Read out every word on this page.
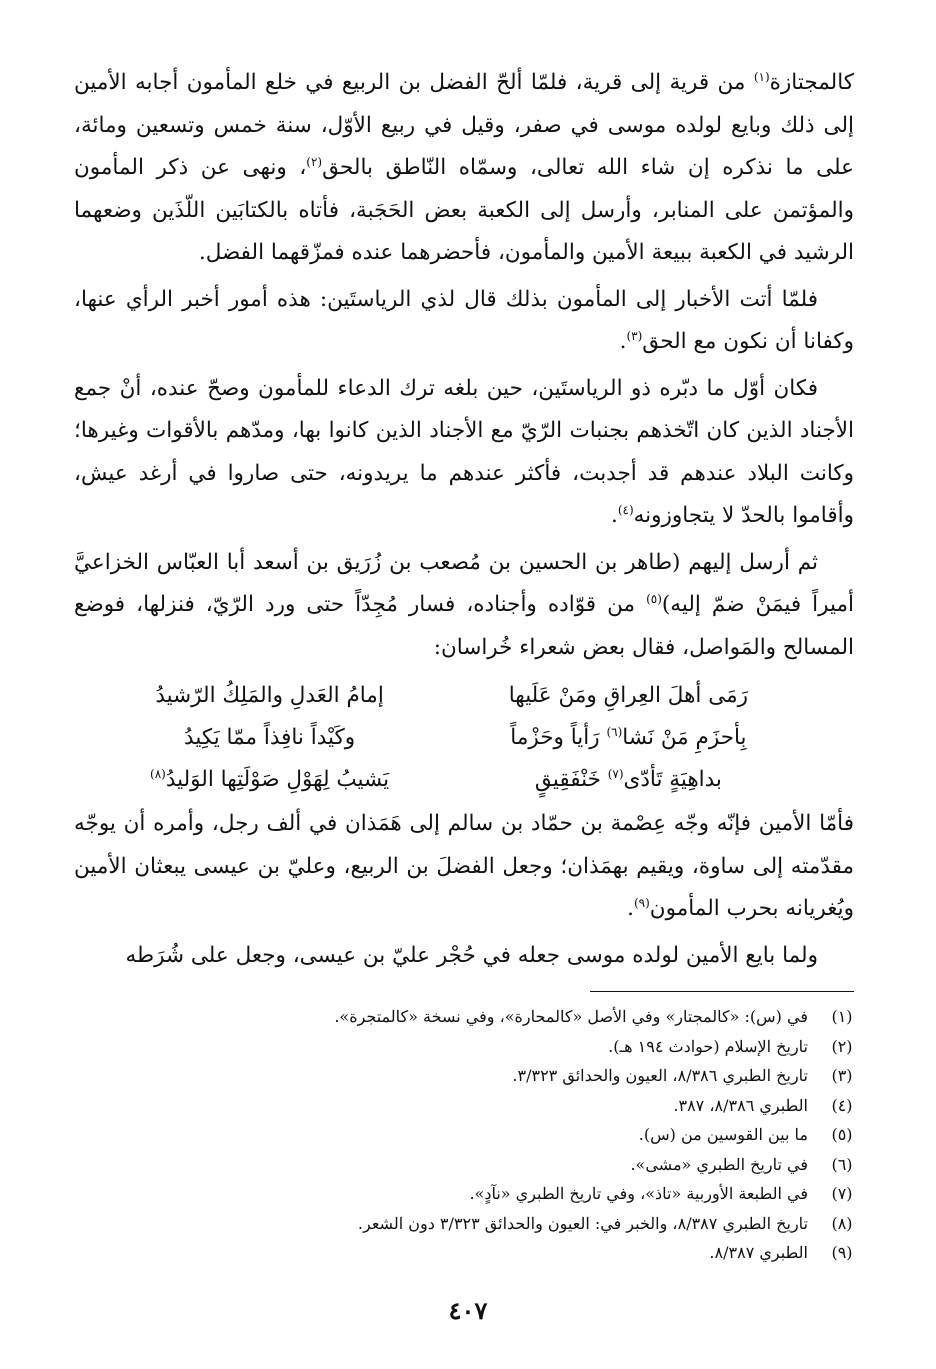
كالمجتازة$^{(١)}$ من قرية إلى قرية، فلمّا ألحّ الفضل بن الربيع في خلع المأمون أجابه الأمين إلى ذلك وبايع لولده موسى في صفر، وقيل في ربيع الأوّل، سنة خمس وتسعين ومائة، على ما نذكره إن شاء الله تعالى، وسمّاه النّاطق بالحق$^{(٢)}$، ونهى عن ذكر المأمون والمؤتمن على المنابر، وأرسل إلى الكعبة بعض الحَجَبة، فأتاه بالكتابَين اللّذَين وضعهما الرشيد في الكعبة ببيعة الأمين والمأمون، فأحضرهما عنده فمزّقهما الفضل.

فلمّا أتت الأخبار إلى المأمون بذلك قال لذي الرياستَين: هذه أمور أخبر الرأي عنها، وكفانا أن نكون مع الحق$^{(٣)}$.

فكان أوّل ما دبّره ذو الرياستَين، حين بلغه ترك الدعاء للمأمون وصحّ عنده، أنْ جمع الأجناد الذين كان اتّخذهم بجنبات الرّيّ مع الأجناد الذين كانوا بها، ومدّهم بالأقوات وغيرها؛ وكانت البلاد عندهم قد أجدبت، فأكثر عندهم ما يريدونه، حتى صاروا في أرغد عيش، وأقاموا بالحدّ لا يتجاوزونه$^{(٤)}$.

ثم أرسل إليهم (طاهر بن الحسين بن مُصعب بن زُرَيق بن أسعد أبا العبّاس الخزاعيَّ أميراً فيمَنْ ضمّ إليه)$^{(٥)}$ من قوّاده وأجناده، فسار مُجِدّاً حتى ورد الرّيّ، فنزلها، فوضع المسالح والمَواصل، فقال بعض شعراء خُراسان:

رَمَى أهلَ العِراقِ ومَنْ عَلَيها
إمامُ العَدلِ والمَلِكُ الرّشيدُ
بِأحزَمِ مَنْ نَشا$^{(٦)}$ رَأياً وحَزْماً
وكَيْداً نافِذاً ممّا يَكِيدُ
بداهِيَةٍ تَأدّى$^{(٧)}$ خَنْفَقِيقٍ
يَشيبُ لِهَوْلِ صَوْلَتِها الوَليدُ$^{(٨)}$

فأمّا الأمين فإنّه وجّه عِصْمة بن حمّاد بن سالم إلى هَمَذان في ألف رجل، وأمره أن يوجّه مقدّمته إلى ساوة، ويقيم بهمَذان؛ وجعل الفضلَ بن الربيع، وعليّ بن عيسى يبعثان الأمين ويُغريانه بحرب المأمون$^{(٩)}$.

ولما بايع الأمين لولده موسى جعله في حُجْر عليّ بن عيسى، وجعل على شُرَطه

(١)
في (س): «كالمجتار» وفي الأصل «كالمحارة»، وفي نسخة «كالمتجرة».
(٢)
تاريخ الإسلام (حوادث ١٩٤ هـ).
(٣)
تاريخ الطبري ٨/٣٨٦، العيون والحدائق ٣/٣٢٣.
(٤)
الطبري ٨/٣٨٦، ٣٨٧.
(٥)
ما بين القوسين من (س).
(٦)
في تاريخ الطبري «مشى».
(٧)
في الطبعة الأوربية «تاذ»، وفي تاريخ الطبري «نآدٍ».
(٨)
تاريخ الطبري ٨/٣٨٧، والخبر في: العيون والحدائق ٣/٣٢٣ دون الشعر.
(٩)
الطبري ٨/٣٨٧.
٤٠٧
